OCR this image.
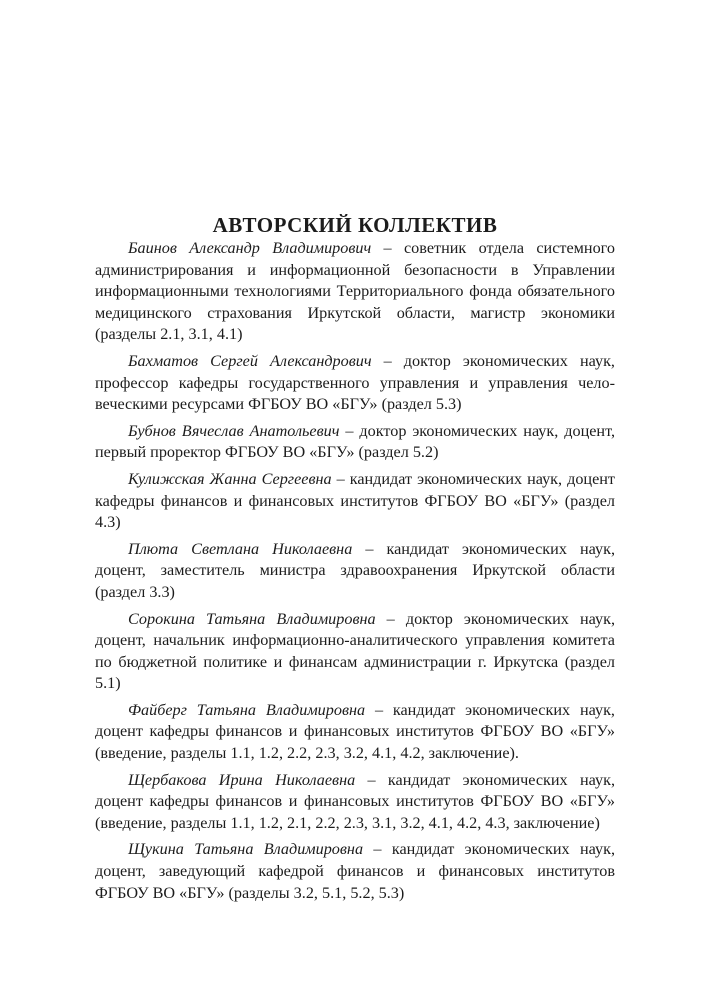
АВТОРСКИЙ КОЛЛЕКТИВ

Баинов Александр Владимирович – советник отдела системного администрирования и информационной безопасности в Управлении информационными технологиями Территориального фонда обязательного медицинского страхования Иркутской области, магистр экономики (разделы 2.1, 3.1, 4.1)

Бахматов Сергей Александрович – доктор экономических наук, профессор кафедры государственного управления и управления человеческими ресурсами ФГБОУ ВО «БГУ» (раздел 5.3)

Бубнов Вячеслав Анатольевич – доктор экономических наук, доцент, первый проректор ФГБОУ ВО «БГУ» (раздел 5.2)

Кулижская Жанна Сергеевна – кандидат экономических наук, доцент кафедры финансов и финансовых институтов ФГБОУ ВО «БГУ» (раздел 4.3)

Плюта Светлана Николаевна – кандидат экономических наук, доцент, заместитель министра здравоохранения Иркутской области (раздел 3.3)

Сорокина Татьяна Владимировна – доктор экономических наук, доцент, начальник информационно-аналитического управления комитета по бюджетной политике и финансам администрации г. Иркутска (раздел 5.1)

Файберг Татьяна Владимировна – кандидат экономических наук, доцент кафедры финансов и финансовых институтов ФГБОУ ВО «БГУ» (введение, разделы 1.1, 1.2, 2.2, 2.3, 3.2, 4.1, 4.2, заключение).

Щербакова Ирина Николаевна – кандидат экономических наук, доцент кафедры финансов и финансовых институтов ФГБОУ ВО «БГУ» (введение, разделы 1.1, 1.2, 2.1, 2.2, 2.3, 3.1, 3.2, 4.1, 4.2, 4.3, заключение)

Щукина Татьяна Владимировна – кандидат экономических наук, доцент, заведующий кафедрой финансов и финансовых институтов ФГБОУ ВО «БГУ» (разделы 3.2, 5.1, 5.2, 5.3)
